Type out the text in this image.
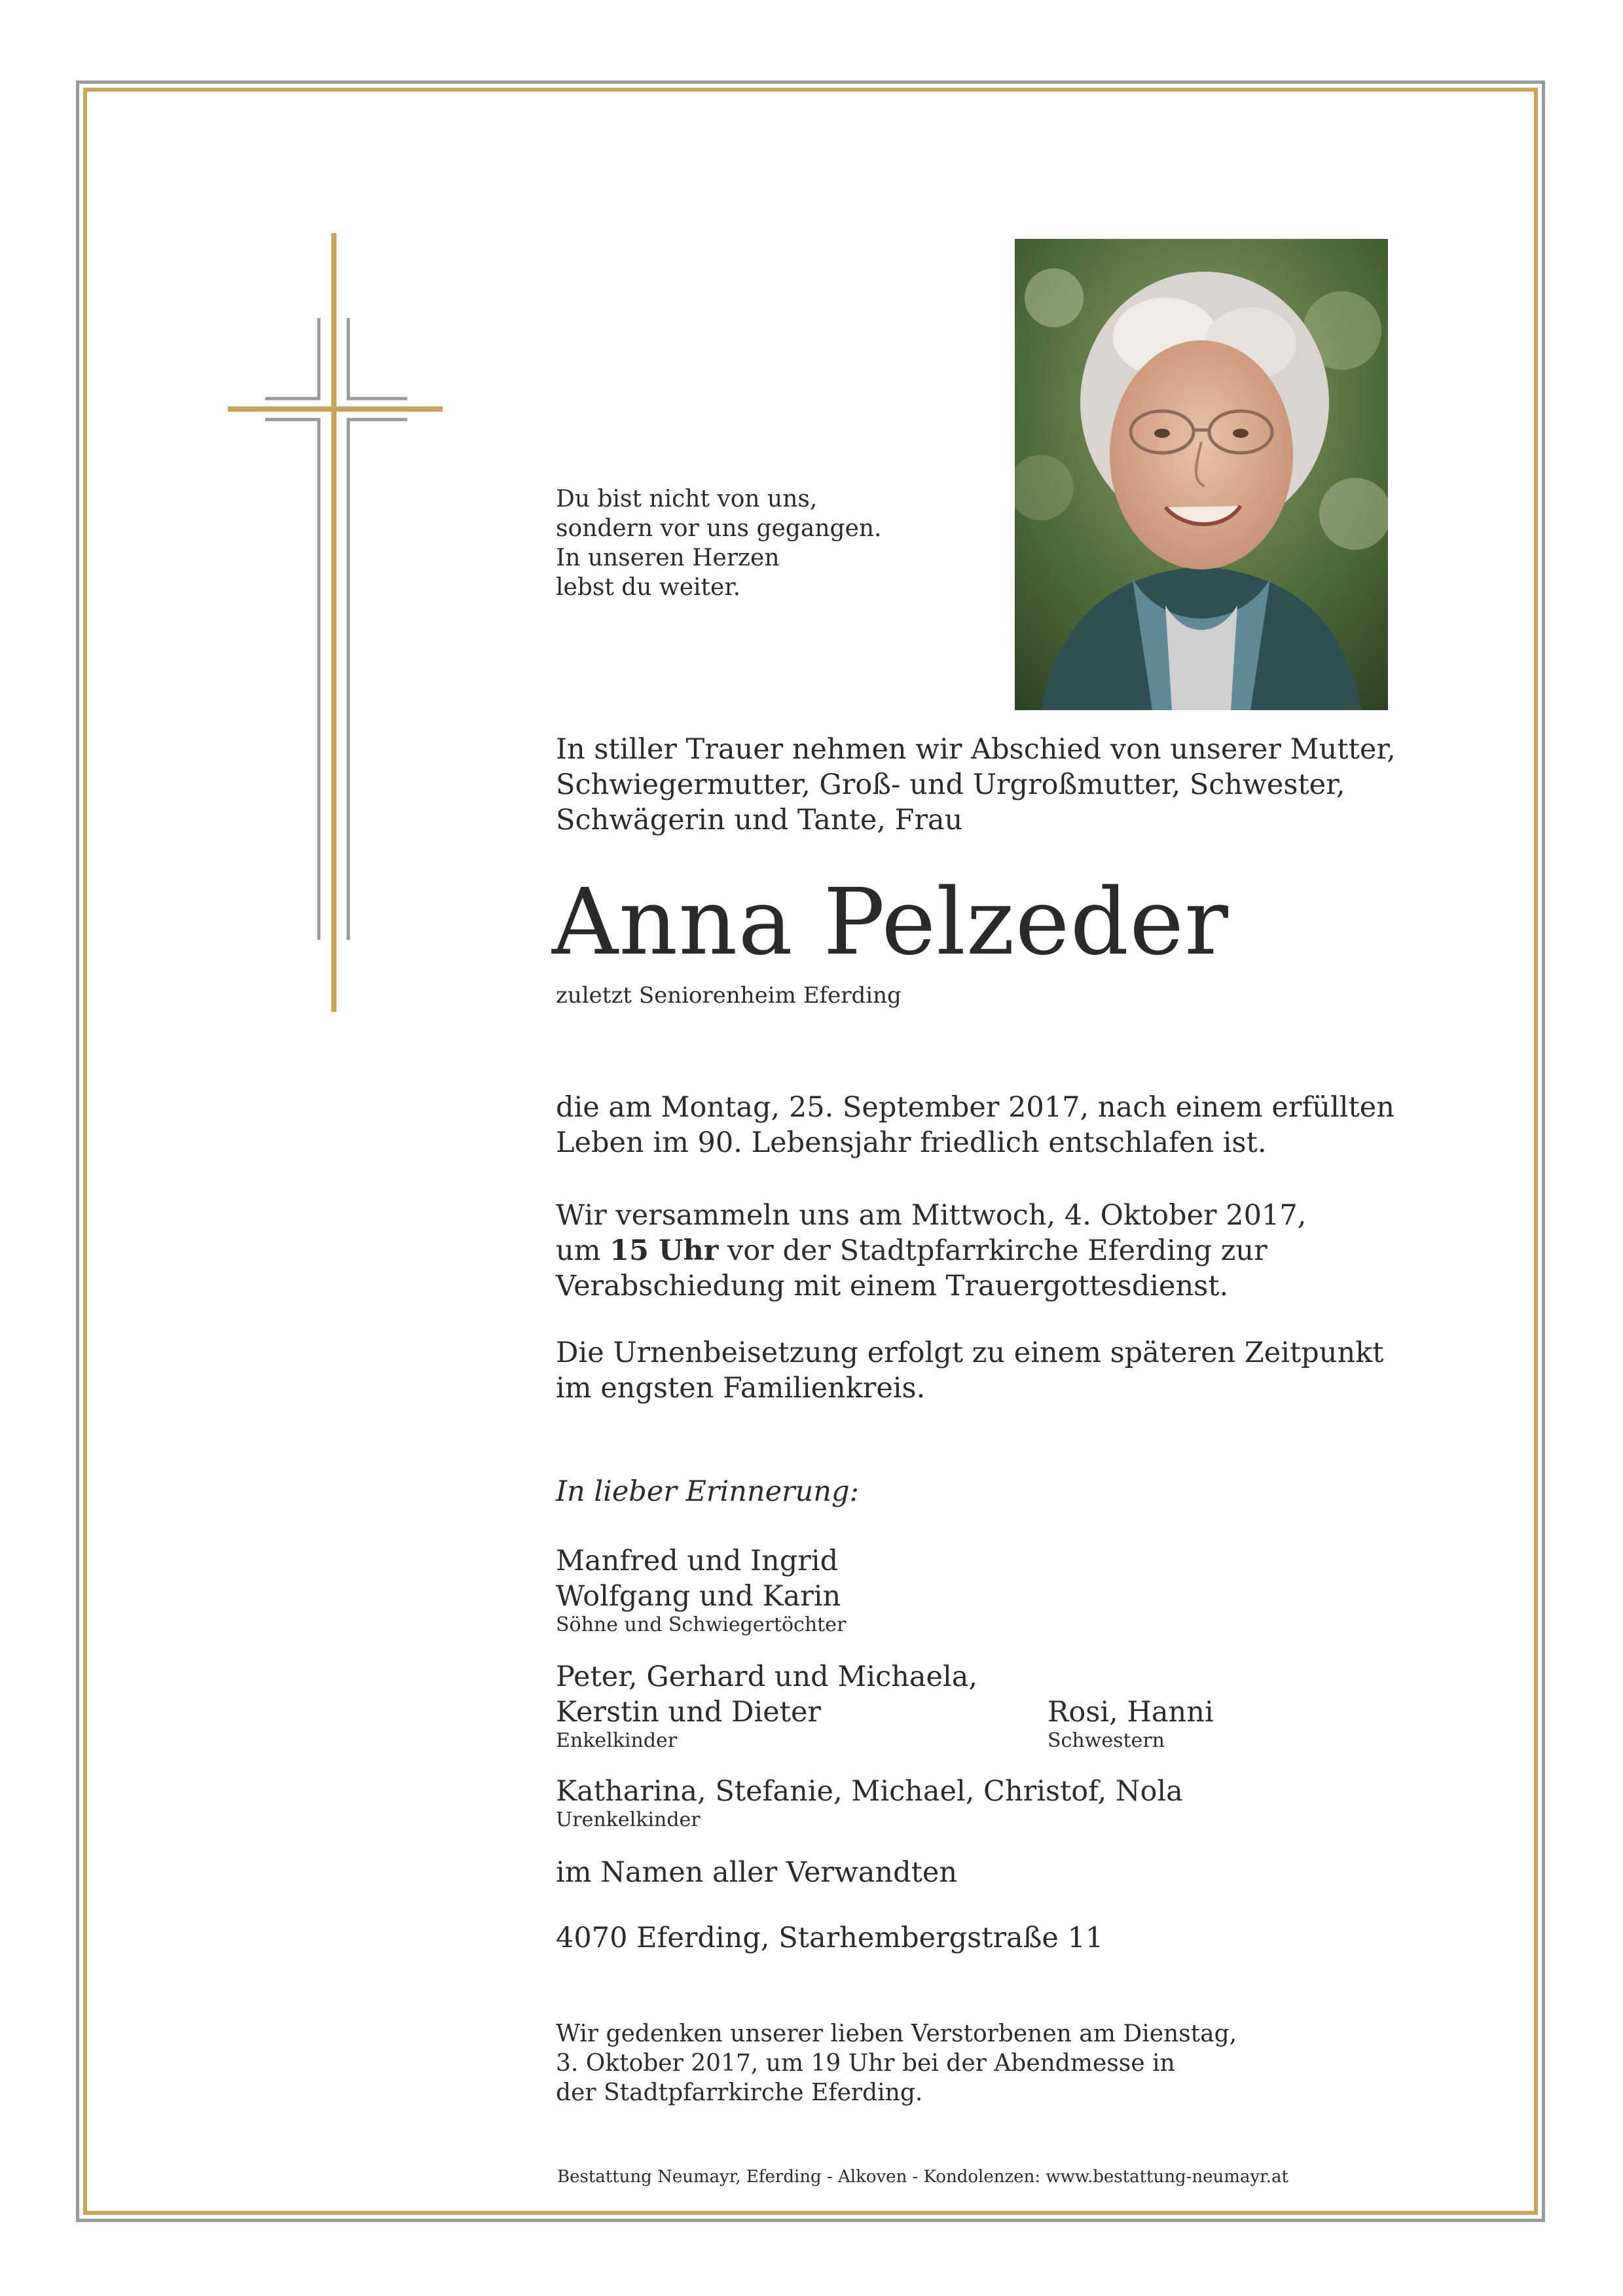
Du bist nicht von uns,
sondern vor uns gegangen.
In unseren Herzen
lebst du weiter.
In stiller Trauer nehmen wir Abschied von unserer Mutter,
Schwiegermutter, Groß- und Urgroßmutter, Schwester,
Schwägerin und Tante, Frau
Anna Pelzeder
zuletzt Seniorenheim Eferding
die am Montag, 25. September 2017, nach einem erfüllten
Leben im 90. Lebensjahr friedlich entschlafen ist.
Wir versammeln uns am Mittwoch, 4. Oktober 2017,
um 15 Uhr vor der Stadtpfarrkirche Eferding zur
Verabschiedung mit einem Trauergottesdienst.
Die Urnenbeisetzung erfolgt zu einem späteren Zeitpunkt
im engsten Familienkreis.
In lieber Erinnerung:
Manfred und Ingrid
Wolfgang und Karin
Söhne und Schwiegertöchter
Peter, Gerhard und Michaela,
Kerstin und Dieter
Enkelkinder
Rosi, Hanni
Schwestern
Katharina, Stefanie, Michael, Christof, Nola
Urenkelkinder
im Namen aller Verwandten
4070 Eferding, Starhembergstraße 11
Wir gedenken unserer lieben Verstorbenen am Dienstag,
3. Oktober 2017, um 19 Uhr bei der Abendmesse in
der Stadtpfarrkirche Eferding.
Bestattung Neumayr, Eferding - Alkoven - Kondolenzen: www.bestattung-neumayr.at
